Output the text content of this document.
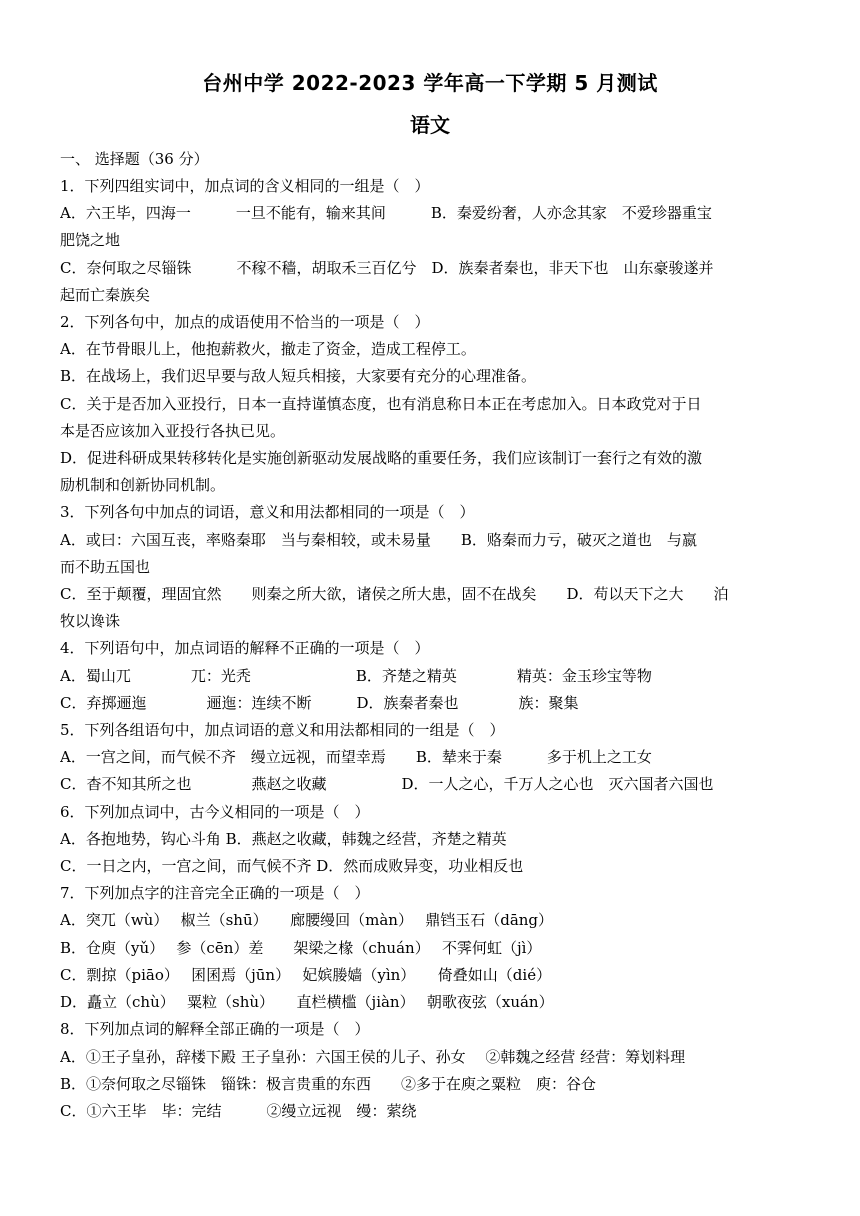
台州中学 2022-2023 学年高一下学期 5 月测试
语文
一、 选择题（36 分）
1．下列四组实词中，加点词的含义相同的一组是（　）
A．六王毕，四海一　　　一旦不能有，输来其间　　　B．秦爱纷奢，人亦念其家　不爱珍器重宝
肥饶之地
C．奈何取之尽锱铢　　　不稼不穑，胡取禾三百亿兮　D．族秦者秦也，非天下也　山东豪骏遂并
起而亡秦族矣
2．下列各句中，加点的成语使用不恰当的一项是（　）
A．在节骨眼儿上，他抱薪救火，撤走了资金，造成工程停工。
B．在战场上，我们迟早要与敌人短兵相接，大家要有充分的心理准备。
C．关于是否加入亚投行，日本一直持谨慎态度，也有消息称日本正在考虑加入。日本政党对于日
本是否应该加入亚投行各执已见。
D．促进科研成果转移转化是实施创新驱动发展战略的重要任务，我们应该制订一套行之有效的激
励机制和创新协同机制。
3．下列各句中加点的词语，意义和用法都相同的一项是（　）
A．或曰：六国互丧，率赂秦耶　当与秦相较，或未易量　　B．赂秦而力亏，破灭之道也　与嬴
而不助五国也
C．至于颠覆，理固宜然　　则秦之所大欲，诸侯之所大患，固不在战矣　　D．苟以天下之大　　泊
牧以谗诛
4．下列语句中，加点词语的解释不正确的一项是（　）
A．蜀山兀　　　　兀：光秃　　　　　　　B．齐楚之精英　　　　精英：金玉珍宝等物
C．弃掷逦迤　　　　逦迤：连续不断　　　D．族秦者秦也　　　　族：聚集
5．下列各组语句中，加点词语的意义和用法都相同的一组是（　）
A．一宫之间，而气候不齐　缦立远视，而望幸焉　　B．辇来于秦　　　多于机上之工女
C．杳不知其所之也　　　　燕赵之收藏　　　　　D．一人之心，千万人之心也　灭六国者六国也
6．下列加点词中，古今义相同的一项是（　）
A．各抱地势，钩心斗角 B．燕赵之收藏，韩魏之经营，齐楚之精英
C．一日之内，一宫之间，而气候不齐 D．然而成败异变，功业相反也
7．下列加点字的注音完全正确的一项是（　）
A．突兀（wù）　 椒兰（shū）　　廊腰缦回（màn）　 鼎铛玉石（dāng）
B．仓庾（yǔ）　 参（cēn）差　　架梁之椽（chuán）　 不霁何虹（jì）
C．剽掠（piāo）　 囷囷焉（jūn）　 妃嫔媵嫱（yìn）　　倚叠如山（dié）
D．矗立（chù）　 粟粒（shù）　　直栏横槛（jiàn）　 朝歌夜弦（xuán）
8．下列加点词的解释全部正确的一项是（　）
A．①王子皇孙，辞楼下殿 王子皇孙：六国王侯的儿子、孙女　 ②韩魏之经营 经营：筹划料理
B．①奈何取之尽锱铢　锱铢：极言贵重的东西　　②多于在庾之粟粒　庾：谷仓
C．①六王毕　毕：完结　　　②缦立远视　缦：萦绕
